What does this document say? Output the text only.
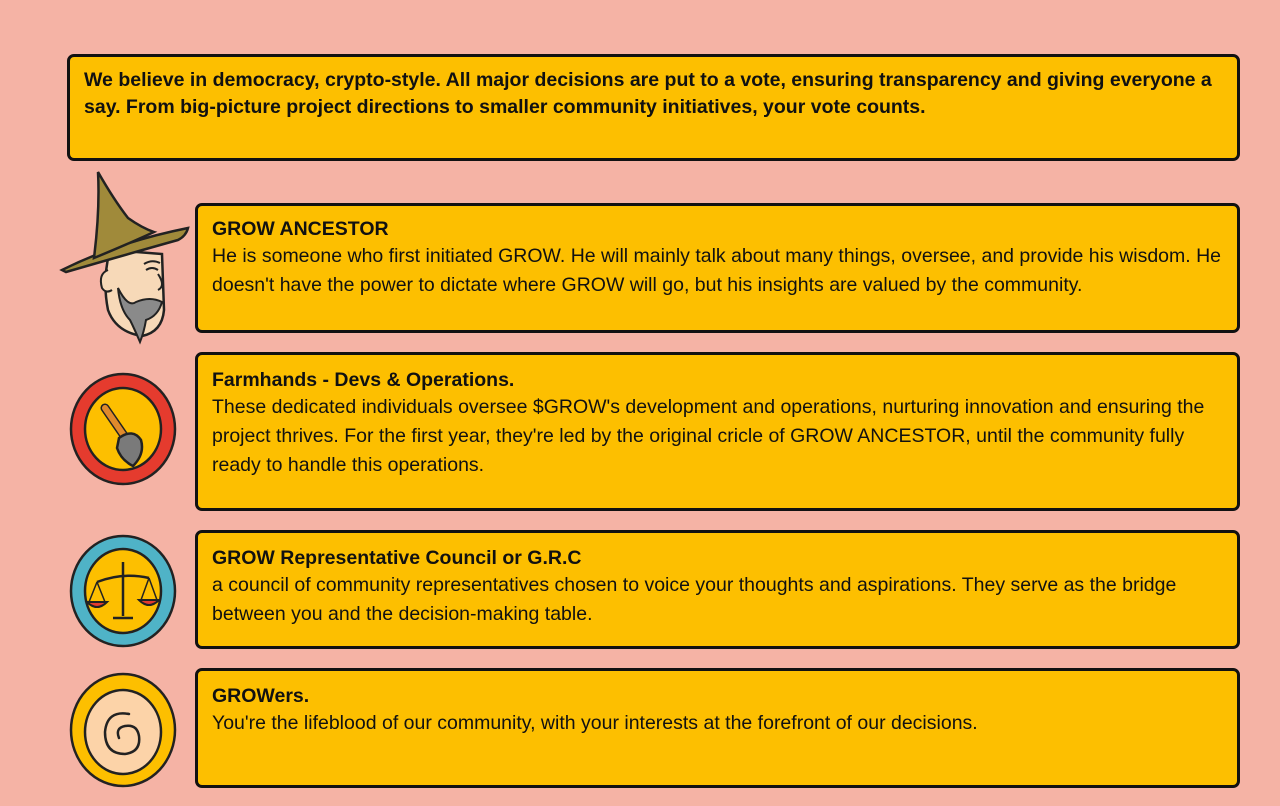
We believe in democracy, crypto-style. All major decisions are put to a vote, ensuring transparency and giving everyone a say. From big-picture project directions to smaller community initiatives, your vote counts.
GROW ANCESTOR
He is someone who first initiated GROW. He will mainly talk about many things, oversee, and provide his wisdom. He doesn't have the power to dictate where GROW will go, but his insights are valued by the community.
Farmhands - Devs & Operations.
These dedicated individuals oversee $GROW's development and operations, nurturing innovation and ensuring the project thrives. For the first year, they're led by the original cricle of GROW ANCESTOR, until the community fully ready to handle this operations.
GROW Representative Council or G.R.C
a council of community representatives chosen to voice your thoughts and aspirations. They serve as the bridge between you and the decision-making table.
GROWers.
You're the lifeblood of our community, with your interests at the forefront of our decisions.
